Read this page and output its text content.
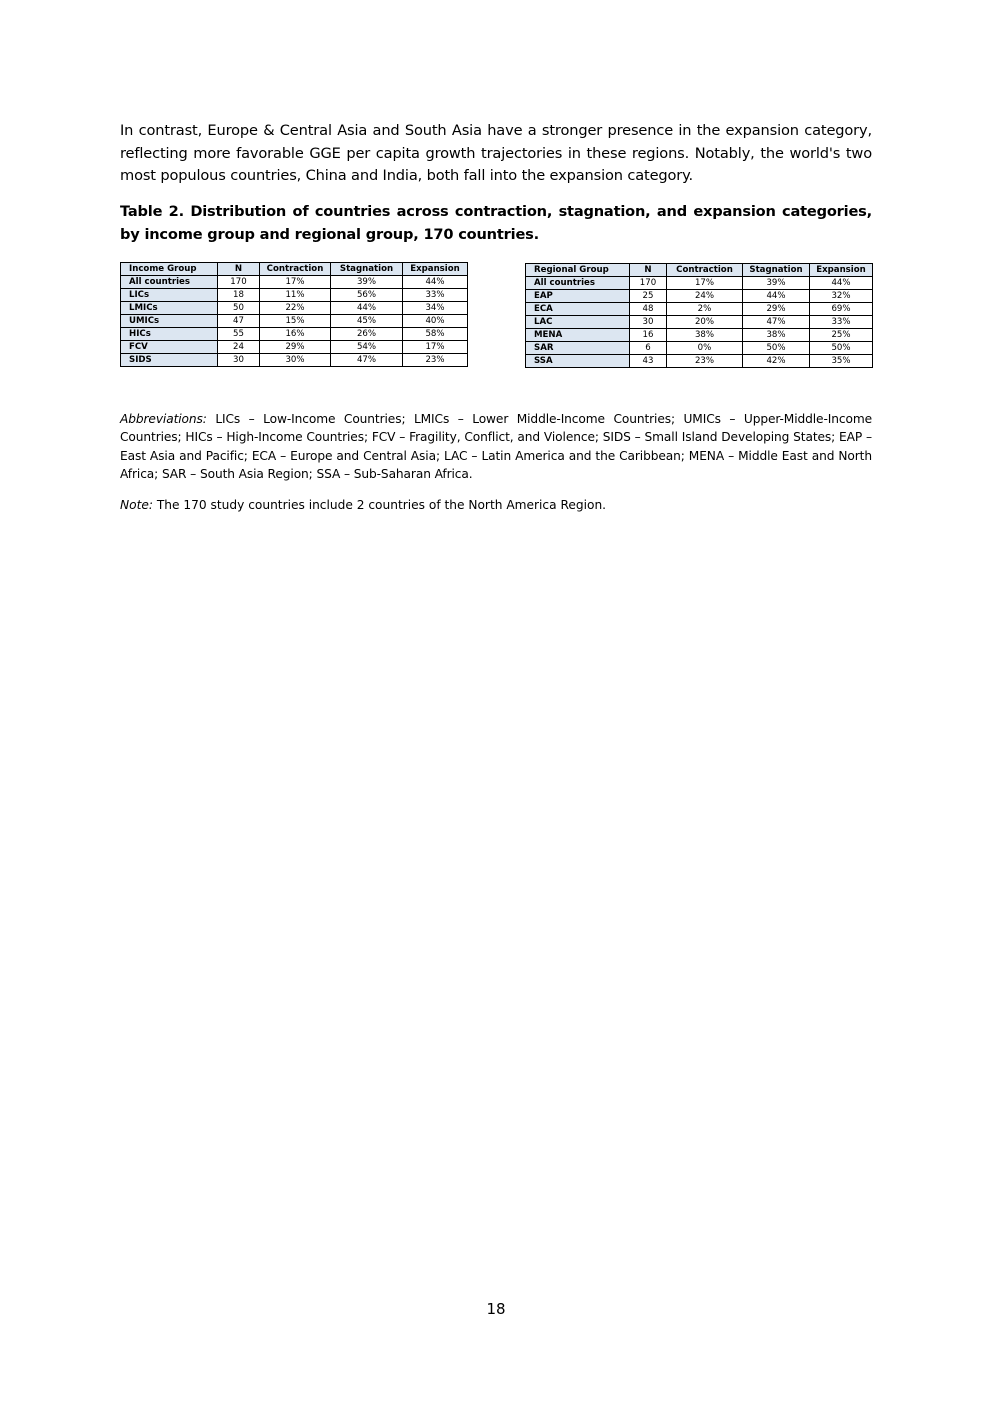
In contrast, Europe & Central Asia and South Asia have a stronger presence in the expansion category, reflecting more favorable GGE per capita growth trajectories in these regions. Notably, the world's two most populous countries, China and India, both fall into the expansion category.

Table 2. Distribution of countries across contraction, stagnation, and expansion categories, by income group and regional group, 170 countries.

Income Group	N	Contraction	Stagnation	Expansion
All countries	170	17%	39%	44%
LICs	18	11%	56%	33%
LMICs	50	22%	44%	34%
UMICs	47	15%	45%	40%
HICs	55	16%	26%	58%
FCV	24	29%	54%	17%
SIDS	30	30%	47%	23%
Regional Group	N	Contraction	Stagnation	Expansion
All countries	170	17%	39%	44%
EAP	25	24%	44%	32%
ECA	48	2%	29%	69%
LAC	30	20%	47%	33%
MENA	16	38%	38%	25%
SAR	6	0%	50%	50%
SSA	43	23%	42%	35%

Abbreviations: LICs – Low-Income Countries; LMICs – Lower Middle-Income Countries; UMICs – Upper-Middle-Income Countries; HICs – High-Income Countries; FCV – Fragility, Conflict, and Violence; SIDS – Small Island Developing States; EAP – East Asia and Pacific; ECA – Europe and Central Asia; LAC – Latin America and the Caribbean; MENA – Middle East and North Africa; SAR – South Asia Region; SSA – Sub-Saharan Africa.

Note: The 170 study countries include 2 countries of the North America Region.

18
